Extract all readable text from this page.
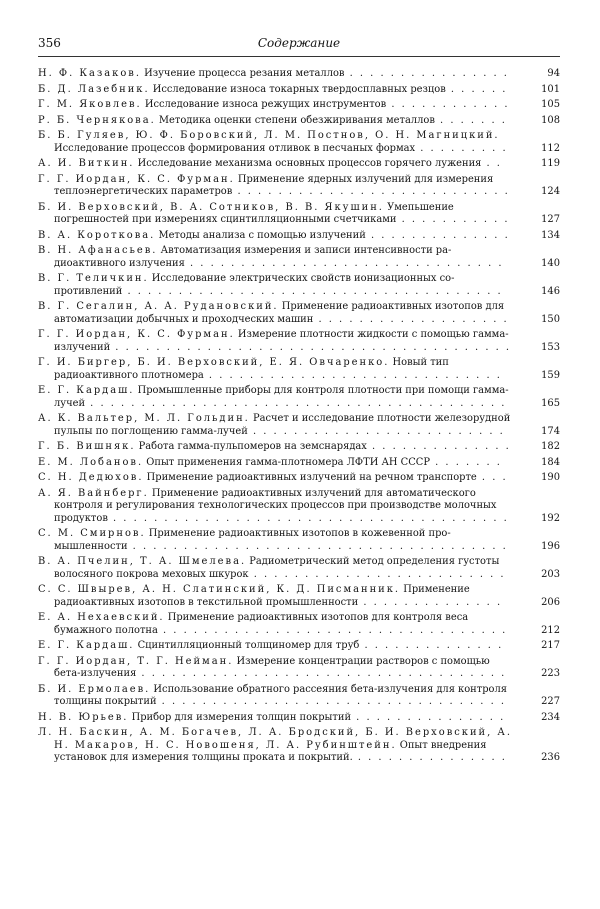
356	Содержание
Н. Ф. Казаков. Изучение процесса резания металлов . . . . . . . . . . . . . . . .	94
Б. Д. Лазебник. Исследование износа токарных твердосплавных резцов . . . . . .	101
Г. М. Яковлев. Исследование износа режущих инструментов . . . . . . . . . . . .	105
Р. Б. Чернякова. Методика оценки степени обезжиривания металлов . . . . . . .	108
Б. Б. Гуляев, Ю. Ф. Боровский, Л. М. Постнов, О. Н. Магницкий. Исследование процессов формирования отливок в песчаных формах . . . . . . . . .	112
А. И. Виткин. Исследование механизма основных процессов горячего лужения . .	119
Г. Г. Иордан, К. С. Фурман. Применение ядерных излучений для измерения теплоэнергетических параметров . . . . . . . . . . . . . . . . . . . . . . . . . . .	124
Б. И. Верховский, В. А. Сотников, В. В. Якушин. Умепьшение погрешностей при измерениях сцинтилляционными счетчиками . . . . . . . . . . .	127
В. А. Короткова. Методы анализа с помощью излучений . . . . . . . . . . . . . .	134
В. Н. Афанасьев. Автоматизация измерения и записи интенсивности радиоактивного излучения . . . . . . . . . . . . . . . . . . . . . . . . . . . . . . .	140
В. Г. Теличкин. Исследование электрических свойств ионизационных сопротивлений . . . . . . . . . . . . . . . . . . . . . . . . . . . . . . . . . . . . .	146
В. Г. Сегалин, А. А. Рудановский. Применение радиоактивных изотопов для автоматизации добычных и проходческих машин . . . . . . . . . . . . . . . . . . .	150
Г. Г. Иордан, К. С. Фурман. Измерение плотности жидкости с помощью гамма-излучений . . . . . . . . . . . . . . . . . . . . . . . . . . . . . . . . . . . . . . .	153
Г. И. Биргер, Б. И. Верховский, Е. Я. Овчаренко. Новый тип радиоактивного плотномера . . . . . . . . . . . . . . . . . . . . . . . . . . . . .	159
Е. Г. Кардаш. Промышленные приборы для контроля плотности при помощи гамма-лучей . . . . . . . . . . . . . . . . . . . . . . . . . . . . . . . . . . . . . . . . .	165
А. К. Вальтер, М. Л. Гольдин. Расчет и исследование плотности железорудной пульпы по поглощению гамма-лучей . . . . . . . . . . . . . . . . . . . . . . . . .	174
Г. Б. Вишняк. Работа гамма-пульпомеров на земснарядах . . . . . . . . . . . . . .	182
Е. М. Лобанов. Опыт применения гамма-плотномера ЛФТИ АН СССР . . . . . . .	184
С. Н. Дедюхов. Применение радиоактивных излучений на речном транспорте . . .	190
А. Я. Вайнберг. Применение радиоактивных излучений для автоматического контроля и регулирования технологических процессов при производстве молочных продуктов . . . . . . . . . . . . . . . . . . . . . . . . . . . . . . . . . . . . . . .	192
С. М. Смирнов. Применение радиоактивных изотопов в кожевенной промышленности . . . . . . . . . . . . . . . . . . . . . . . . . . . . . . . . . . . . .	196
В. А. Пчелин, Т. А. Шмелева. Радиометрический метод определения густоты волосяного покрова меховых шкурок . . . . . . . . . . . . . . . . . . . . . . . . .	203
С. С. Швырев, А. Н. Слатинский, К. Д. Писманник. Применение радиоактивных изотопов в текстильной промышленности . . . . . . . . . . . . . .	206
Е. А. Нехаевский. Применение радиоактивных изотопов для контроля веса бумажного полотна . . . . . . . . . . . . . . . . . . . . . . . . . . . . . . . . . .	212
Е. Г. Кардаш. Сцинтилляционный толщиномер для труб . . . . . . . . . . . . . .	217
Г. Г. Иордан, Т. Г. Нейман. Измерение концентрации растворов с помощью бета-излучения . . . . . . . . . . . . . . . . . . . . . . . . . . . . . . . . . . . .	223
Б. И. Ермолаев. Использование обратного рассеяния бета-излучения для контроля толщины покрытий . . . . . . . . . . . . . . . . . . . . . . . . . . . . . . . . . .	227
Н. В. Юрьев. Прибор для измерения толщин покрытий . . . . . . . . . . . . . . .	234
Л. Н. Баскин, А. М. Богачев, Л. А. Бродский, Б. И. Верховский, А. Н. Макаров, Н. С. Новошеня, Л. А. Рубинштейн. Опыт внедрения установок для измерения толщины проката и покрытий. . . . . . . . . . . . . . . .	236
